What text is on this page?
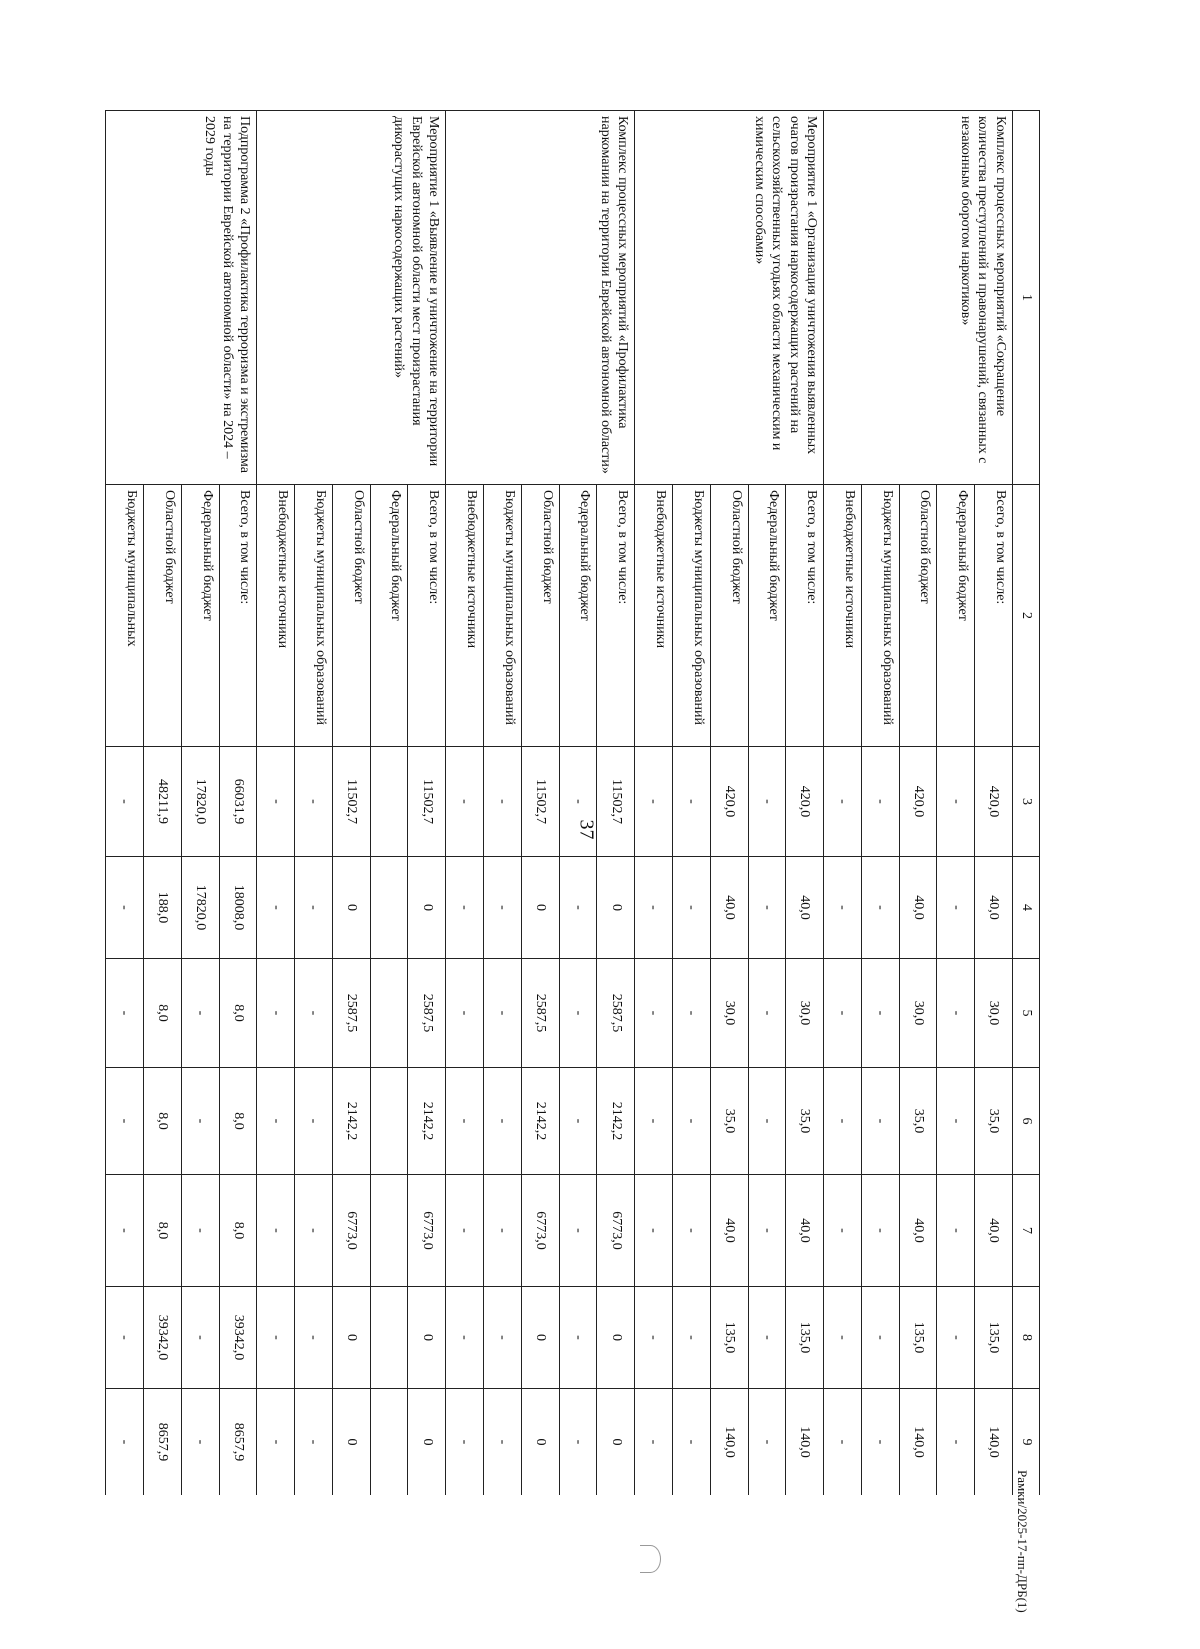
37
Рамки/2025-17-пп-ДРБ(1)
1	2	3	4	5	6	7	8	9
Комплекс процессных мероприятий «Сокращение количества преступлений и правонарушений, связанных с незаконным оборотом наркотиков»	Всего, в том числе:	420,0	40,0	30,0	35,0	40,0	135,0	140,0
	Федеральный бюджет	-	-	-	-	-	-	-
	Областной бюджет	420,0	40,0	30,0	35,0	40,0	135,0	140,0
	Бюджеты муниципальных образований	-	-	-	-	-	-	-
	Внебюджетные источники	-	-	-	-	-	-	-
Мероприятие 1 «Организация уничтожения выявленных очагов произрастания наркосодержащих растений на сельскохозяйственных угодьях области механическим и химическим способами»	Всего, в том числе:	420,0	40,0	30,0	35,0	40,0	135,0	140,0
	Федеральный бюджет	-	-	-	-	-	-	-
	Областной бюджет	420,0	40,0	30,0	35,0	40,0	135,0	140,0
	Бюджеты муниципальных образований	-	-	-	-	-	-	-
	Внебюджетные источники	-	-	-	-	-	-	-
Комплекс процессных мероприятий «Профилактика наркомании на территории Еврейской автономной области»	Всего, в том числе:	11502,7	0	2587,5	2142,2	6773,0	0	0
	Федеральный бюджет	-	-	-	-	-	-	-
	Областной бюджет	11502,7	0	2587,5	2142,2	6773,0	0	0
	Бюджеты муниципальных образований	-	-	-	-	-	-	-
	Внебюджетные источники	-	-	-	-	-	-	-
Мероприятие 1 «Выявление и уничтожение на территории Еврейской автономной области мест произрастания дикорастущих наркосодержащих растений»	Всего, в том числе:	11502,7	0	2587,5	2142,2	6773,0	0	0
	Федеральный бюджет							
	Областной бюджет	11502,7	0	2587,5	2142,2	6773,0	0	0
	Бюджеты муниципальных образований	-	-	-	-	-	-	-
	Внебюджетные источники	-	-	-	-	-	-	-
Подпрограмма 2 «Профилактика терроризма и экстремизма на территории Еврейской автономной области» на 2024 – 2029 годы	Всего, в том числе:	66031,9	18008,0	8,0	8,0	8,0	39342,0	8657,9
	Федеральный бюджет	17820,0	17820,0	-	-	-	-	-
	Областной бюджет	48211,9	188,0	8,0	8,0	8,0	39342,0	8657,9
	Бюджеты муниципальных	-	-	-	-	-	-	-
